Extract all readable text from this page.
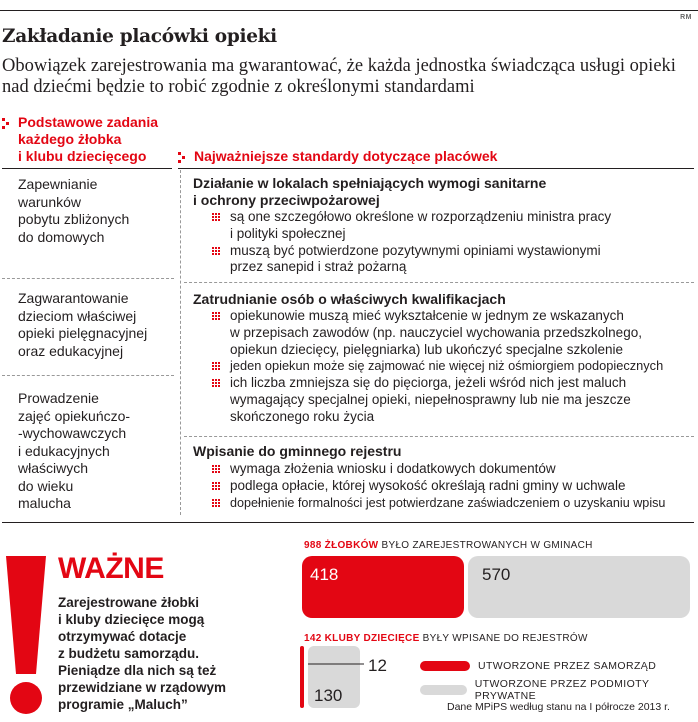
RM
Zakładanie placówki opieki
Obowiązek zarejestrowania ma gwarantować, że każda jednostka świadcząca usługi opieki nad dziećmi będzie to robić zgodnie z określonymi standardami
Podstawowe zadania
każdego żłobka
i klubu dziecięcego	Najważniejsze standardy dotyczące placówek
Zapewnianie
warunków
pobytu zbliżonych
do domowych
Zagwarantowanie
dzieciom właściwej
opieki pielęgnacyjnej
oraz edukacyjnej
Prowadzenie
zajęć opiekuńczo-
-wychowawczych
i edukacyjnych
właściwych
do wieku
malucha
Działanie w lokalach spełniających wymogi sanitarne
i ochrony przeciwpożarowej
są one szczegółowo określone w rozporządzeniu ministra pracy
i polityki społecznej
muszą być potwierdzone pozytywnymi opiniami wystawionymi
przez sanepid i straż pożarną
Zatrudnianie osób o właściwych kwalifikacjach
opiekunowie muszą mieć wykształcenie w jednym ze wskazanych
w przepisach zawodów (np. nauczyciel wychowania przedszkolnego,
opiekun dziecięcy, pielęgniarka) lub ukończyć specjalne szkolenie
jeden opiekun może się zajmować nie więcej niż ośmiorgiem podopiecznych
ich liczba zmniejsza się do pięciorga, jeżeli wśród nich jest maluch
wymagający specjalnej opieki, niepełnosprawny lub nie ma jeszcze
skończonego roku życia
Wpisanie do gminnego rejestru
wymaga złożenia wniosku i dodatkowych dokumentów
podlega opłacie, której wysokość określają radni gminy w uchwale
dopełnienie formalności jest potwierdzane zaświadczeniem o uzyskaniu wpisu
WAŻNE
Zarejestrowane żłobki
i kluby dziecięce mogą
otrzymywać dotacje
z budżetu samorządu.
Pieniądze dla nich są też
przewidziane w rządowym
programie „Maluch”
988 ŻŁOBKÓW BYŁO ZAREJESTROWANYCH W GMINACH
418	570
142 KLUBY DZIECIĘCE BYŁY WPISANE DO REJESTRÓW
12
130
UTWORZONE PRZEZ SAMORZĄD
UTWORZONE PRZEZ PODMIOTY PRYWATNE
Dane MPiPS według stanu na I półrocze 2013 r.
